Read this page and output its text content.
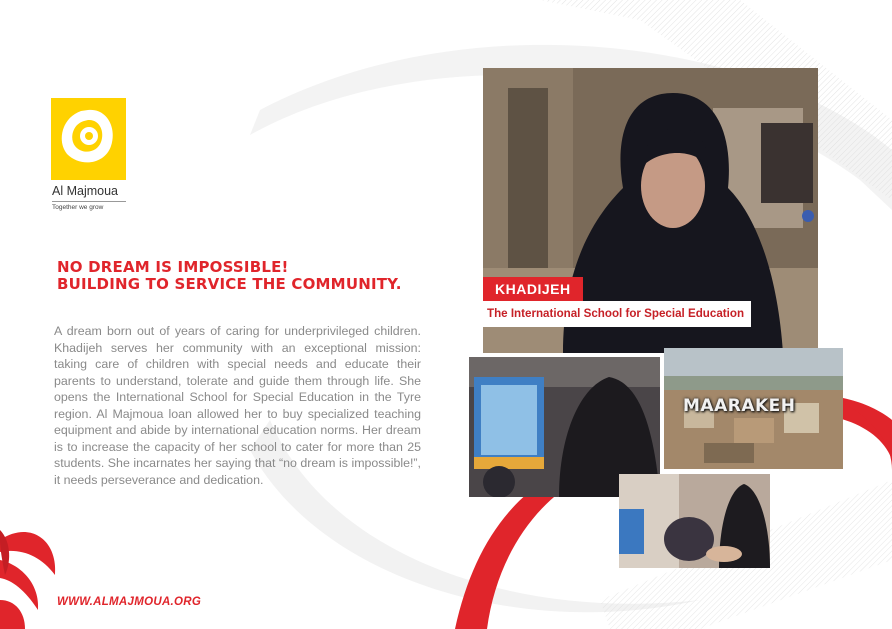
Al Majmoua
Together we grow
NO DREAM IS IMPOSSIBLE!
BUILDING TO SERVICE THE COMMUNITY.

A dream born out of years of caring for underprivileged children. Khadijeh serves her community with an exceptional mission: taking care of children with special needs and educate their parents to understand, tolerate and guide them through life. She opens the International School for Special Education in the Tyre region. Al Majmoua loan allowed her to buy specialized teaching equipment and abide by international education norms. Her dream is to increase the capacity of her school to cater for more than 25 students. She incarnates her saying that “no dream is impossible!”, it needs perseverance and dedication.

WWW.ALMAJMOUA.ORG
KHADIJEH
The International School for Special Education
MAARAKEH
